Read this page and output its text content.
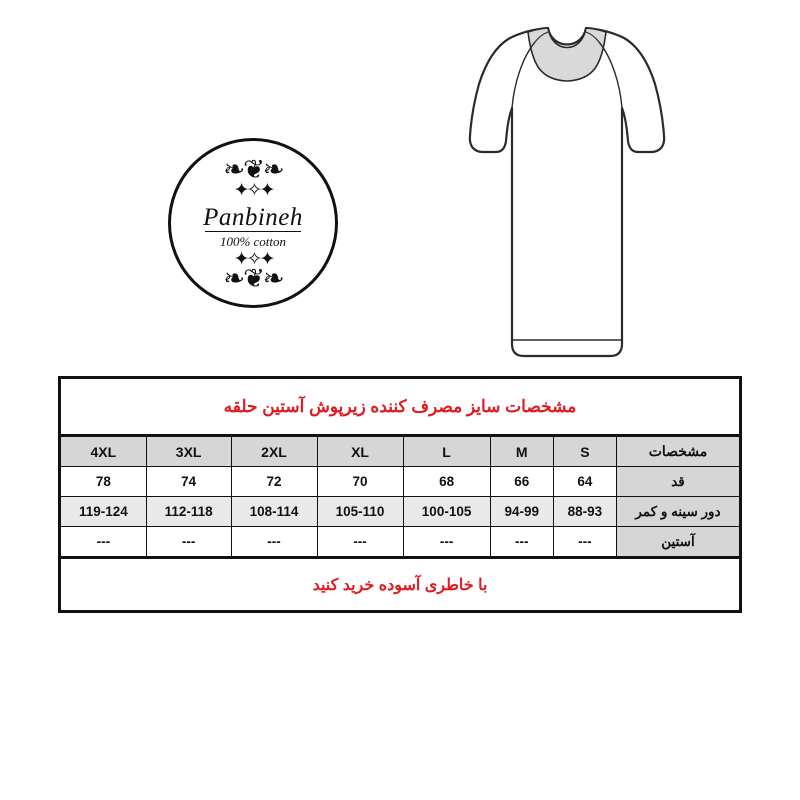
❧❦❧
✦✧✦
Panbineh
100% cotton
✦✧✦
❧❦❧
مشخصات سایز مصرف کننده زیرپوش آستین حلقه
مشخصات	S	M	L	XL	2XL	3XL	4XL
قد	64	66	68	70	72	74	78
دور سینه و کمر	88-93	94-99	100-105	105-110	108-114	112-118	119-124
آستین	---	---	---	---	---	---	---
با خاطری آسوده خرید کنید
